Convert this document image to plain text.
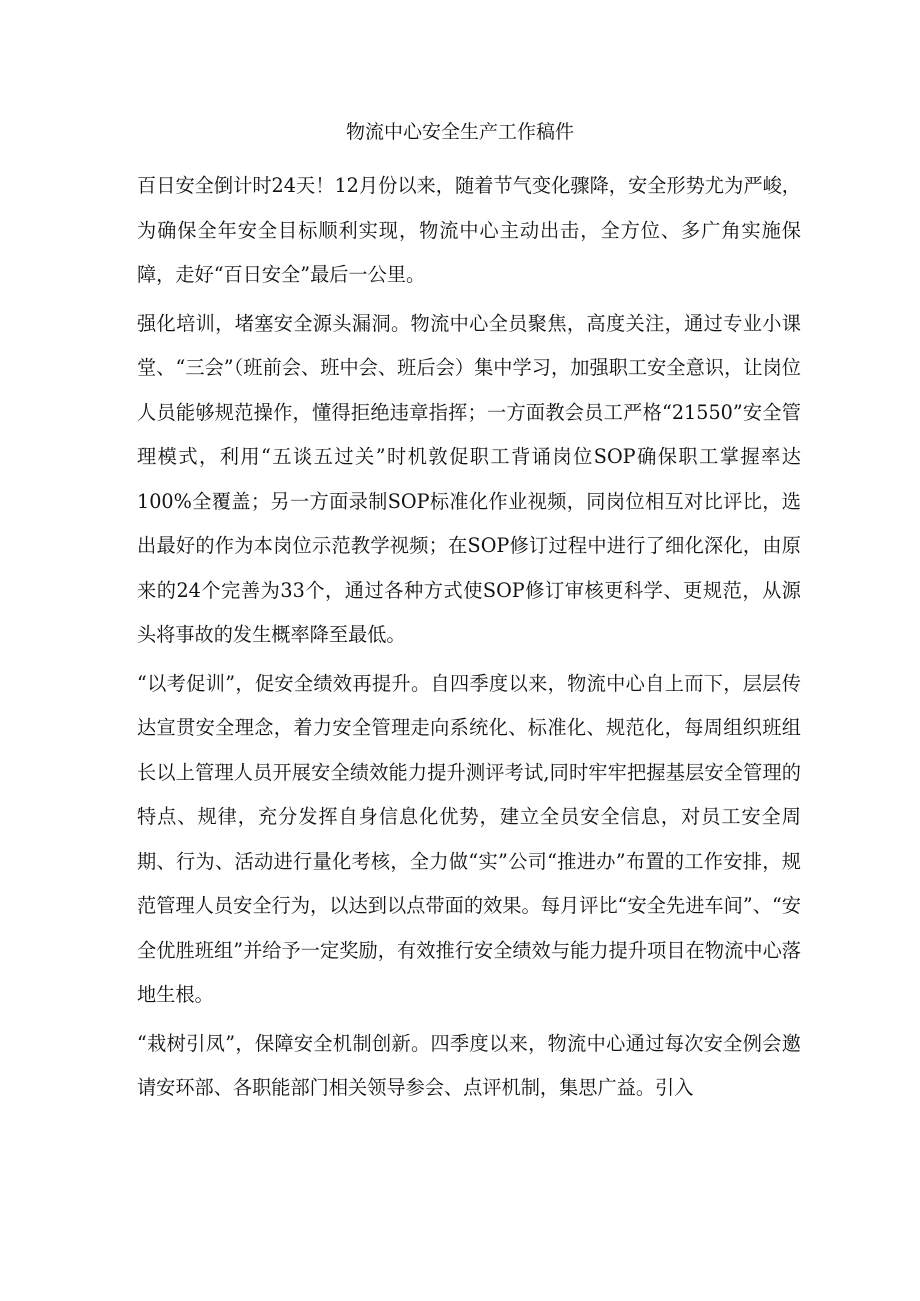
物流中心安全生产工作稿件

百日安全倒计时24天！12月份以来，随着节气变化骤降，安全形势尤为严峻，为确保全年安全目标顺利实现，物流中心主动出击，全方位、多广角实施保障，走好“百日安全”最后一公里。

强化培训，堵塞安全源头漏洞。物流中心全员聚焦，高度关注，通过专业小课堂、“三会”（班前会、班中会、班后会）集中学习，加强职工安全意识，让岗位人员能够规范操作，懂得拒绝违章指挥；一方面教会员工严格“21550”安全管理模式，利用“五谈五过关”时机敦促职工背诵岗位SOP确保职工掌握率达100%全覆盖；另一方面录制SOP标准化作业视频，同岗位相互对比评比，选出最好的作为本岗位示范教学视频；在SOP修订过程中进行了细化深化，由原来的24个完善为33个，通过各种方式使SOP修订审核更科学、更规范，从源头将事故的发生概率降至最低。

“以考促训”，促安全绩效再提升。自四季度以来，物流中心自上而下，层层传达宣贯安全理念，着力安全管理走向系统化、标准化、规范化，每周组织班组长以上管理人员开展安全绩效能力提升测评考试,同时牢牢把握基层安全管理的特点、规律，充分发挥自身信息化优势，建立全员安全信息，对员工安全周期、行为、活动进行量化考核，全力做“实”公司“推进办”布置的工作安排，规范管理人员安全行为，以达到以点带面的效果。每月评比“安全先进车间”、“安全优胜班组”并给予一定奖励，有效推行安全绩效与能力提升项目在物流中心落地生根。

“栽树引凤”，保障安全机制创新。四季度以来，物流中心通过每次安全例会邀请安环部、各职能部门相关领导参会、点评机制，集思广益。引入
